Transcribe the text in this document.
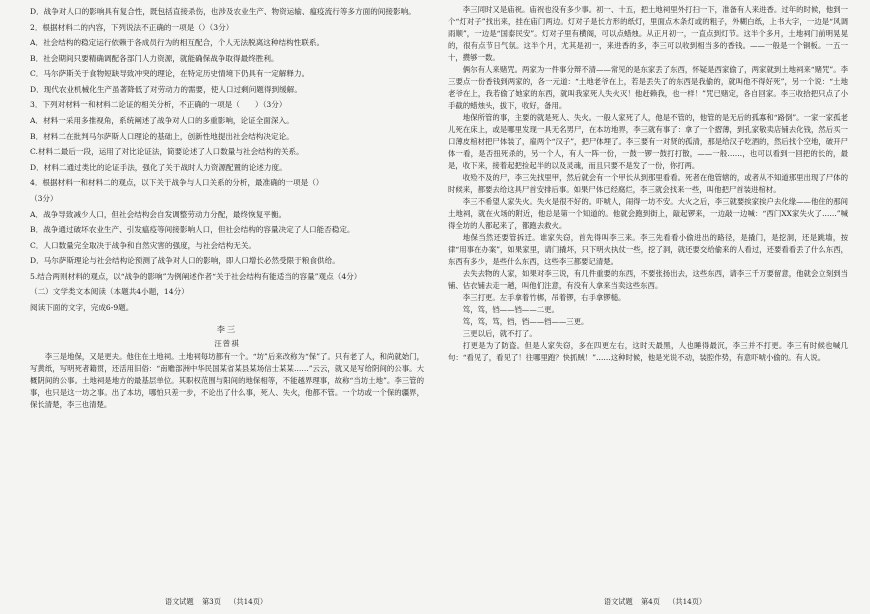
D．战争对人口的影响具有复合性，既包括直接杀伤，也涉及农业生产、物资运输、瘟疫流行等多方面的间接影响。

2．根据材料二的内容，下列说法不正确的一项是（）（3分）

A．社会结构的稳定运行依赖于各成员行为的相互配合，个人无法脱离这种结构性联系。

B．社会期间只要精确调配各部门人力资源，就能确保战争取得最终胜利。

C．马尔萨斯关于食物短缺导致冲突的理论，在特定历史情境下仍具有一定解释力。

D．现代农业机械化生产虽著降低了对劳动力的需要，使人口过剩问题得到缓解。

3．下列对材料一和材料二论证的相关分析，不正确的一项是（　　）（3分）

A．材料一采用多推视角，系统阐述了战争对人口的多重影响，论证全面深入。

B．材料二在批判马尔萨斯人口理论的基础上，创新性地提出社会结构决定论。

C.材料二最后一段，运用了对比论证法，简要论述了人口数量与社会结构的关系。

D．材料二通过类比的论证手法，强化了关于战时人力资源配置的论述力度。

4．根据材料一和材料二的观点，以下关于战争与人口关系的分析，最准确的一项是（）

（3分）

A．战争导致减少人口，但社会结构会自发调整劳动力分配，最终恢复平衡。

B．战争通过破坏农业生产、引发瘟疫等间接影响人口，但社会结构的容量决定了人口能否稳定。

C．人口数量完全取决于战争和自然灾害的强度，与社会结构无关。

D．马尔萨斯理论与社会结构论预测了战争对人口的影响，即人口增长必然受限于粮食供给。

5.结合两则材料的观点，以“战争的影响”为例阐述作者“关于社会结构有能适当的容量”观点（4分）

（二）文学类文本阅读（本题共4小题，14分）

阅读下面的文字，完成6-9题。

李三
汪曾祺

李三是地保，又是更夫。他住在土地祠。土地祠每坊都有一个。“坊”后来改称为“保”了。只有老了人，和尚就始门，写黄纸，写明死者籍贯，还活用旧俗：“南赡部洲中华民国某省某县某场信士某某……”云云，就又是写给阴间的公事。大概阴间的公事。土地祠是地方的最基层单位。其职权范围与阳间的地保相等，不能越界理事，故称“当坊土地”。李三管的事，也只是这一坊之事。出了本坊，哪怕只差一步，不论出了什么事，死人、失火，他都不管。一个坊或一个保的疆界，保长清楚，李三也清楚。

语文试题 第3页 （共14页）

李三同时又是庙祝。庙祝也没有多少事。初一、十五，把土地祠里外打扫一下，准备有人来进香。过年的时候，他到一个“灯对子”找出来，挂在庙门两边。灯对子是长方形的纸灯，里面点木条灯或的粗子，外糊白纸，上书大字，一边是“风调雨顺”，一边是“国泰民安”。灯对子里有横阁，可以点蜡烛。从正月初一，一直点到灯节。这半个多月，土地祠门前明晃晃的，很有点节日气氛。这半个月，尤其是初一，来进香的多，李三可以收到相当多的香钱。——一般是一个铜板。一五一十，攒够一数。

俩尔有人来赌咒。两家为一件事分辩不清——常见的是东家丢了东西，怀疑是西家偷了，两家就到土地祠来“赌咒”。李三要点一份香钱到两家的，各一元道：“土地老爷在上，若是丢失了的东西是我偷的，就叫他不得好死”，另一个说：“土地老爷在上，我若偷了她家的东西，就叫我家死人失火灭！他赶赖我，也一样！”咒已赌定，各自回家。李三收拾把只点了小手截的蜡烛头，拔下，收好，备用。

地保所管的事，主要的就是死人、失火。一般人家死了人，他是不管的，他管的是无后的孤寡和“路倒”。一家一家孤老儿死在床上，或是哪里发现一具无名男尸，在本坊地界，李三就有事了：拿了一个摺薄，到孔家敬卖店铺去化钱，然后买一口薄皮棺材把尸体装了，雇两个“汉子”，把尸体埋了。李三要有一对贤的孤清，那是给汉子吃酒的，然后找个空地，破开尸体一看，是否扭死杀的，另一个人，有人一阵一份，一鼓一锣一鼓打打散，——一般……，也可以看到一回把的长的，最是，收下来，接着起把捡起半的以及灵魂，而且只要不是发了一份，你打两。

收殓不及的尸，李三先找里甲，然后就会有一个甲长从到那里看看。死者在他管辖的，或者从不知道那里出现了尸体的时候来，都要去给这具尸首安排后事。如果尸体已经腐烂，李三就会找来一些，叫他把尸首装进棺材。

李三不希望人家失火。失火是很不好的。吓唬人，闹得一坊不安。大火之后，李三就要挨家挨户去化缘——他住的那间土地祠，就在火场的附近，他总是第一个知道的。他就会跑到街上，敲起锣来，一边敲一边喊：“西门XX家失火了……”喊得全坊的人都起来了，都跑去救火。

地保当然还要管拆迁。谁家失窃，首先得叫李三来。李三先看看小偷进出的路径，是撬门，是挖洞，还是跳墙，按律“用事在办案”，如果家里，请门撬坏，只下明火执仗一些，挖了洞，就还要交给偷来的人看过，还要看看丢了什么东西，东西有多少，是些什么东西，这些李三都要记清楚。

去失去物的人家，如果对李三说，有几件重要的东西，不要张扬出去，这些东西，请李三千万要留意，他就会立刻到当铺、估衣铺去走一趟，叫他们注意，有没有人拿来当卖这些东西。

李三打更。左手拿着竹梆，吊着锣，右手拿锣槌。

笃，笃，铛——铛——二更。

笃，笃，笃，铛，铛——铛——三更。

三更以后，就不打了。

打更是为了防盗。但是人家失窃，多在四更左右，这时天最黑，人也睡得最沉，李三并不打更。李三有时候也喊几句：“看见了，看见了！往哪里跑？快抓贼！”……这种时候，他是光说不动，装腔作势，有意吓唬小偷的。有人说。

语文试题 第4页 （共14页）
